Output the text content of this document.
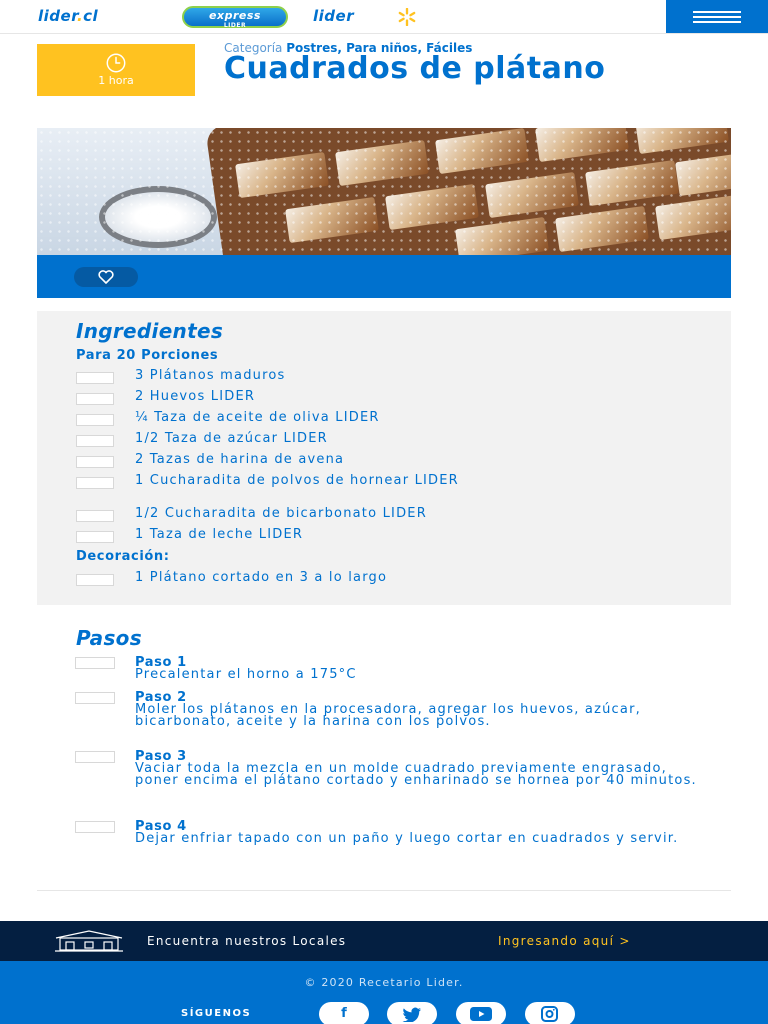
lider.cl	express
LIDER
lider
1 hora
Categoría Postres, Para niños, Fáciles
Cuadrados de plátano
Ingredientes
Para 20 Porciones
3 Plátanos maduros
2 Huevos LIDER
¼ Taza de aceite de oliva LIDER
1/2 Taza de azúcar LIDER
2 Tazas de harina de avena
1 Cucharadita de polvos de hornear LIDER
1/2 Cucharadita de bicarbonato LIDER
1 Taza de leche LIDER
Decoración:
1 Plátano cortado en 3 a lo largo
Pasos
Paso 1
Precalentar el horno a 175°C
Paso 2
Moler los plátanos en la procesadora, agregar los huevos, azúcar, bicarbonato, aceite y la harina con los polvos.
Paso 3
Vaciar toda la mezcla en un molde cuadrado previamente engrasado, poner encima el plátano cortado y enharinado se hornea por 40 minutos.
Paso 4
Dejar enfriar tapado con un paño y luego cortar en cuadrados y servir.
Encuentra nuestros Locales	Ingresando aquí >
© 2020 Recetario Lider.
SÍGUENOS	f
